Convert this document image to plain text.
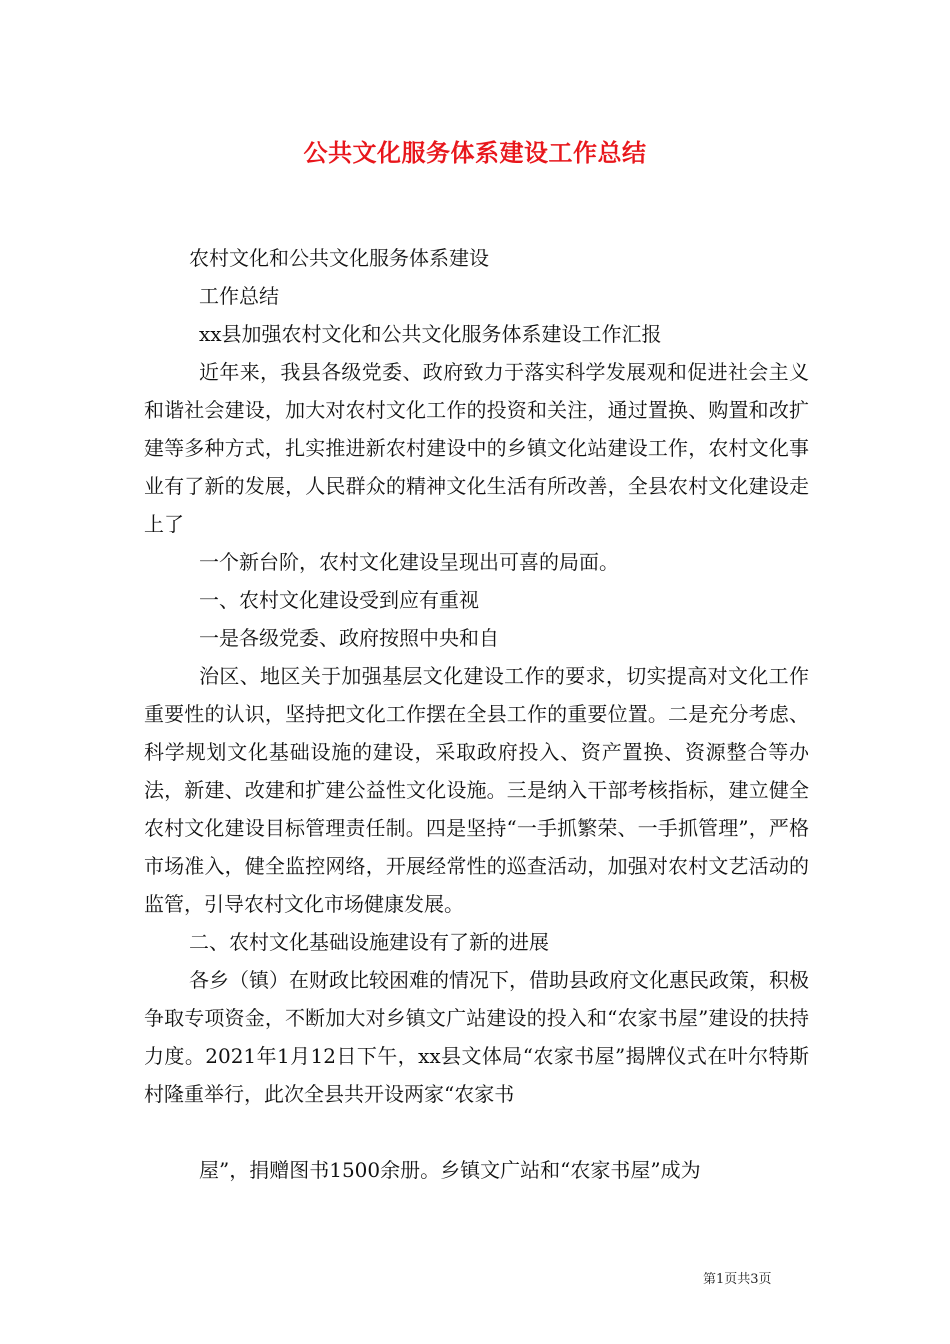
公共文化服务体系建设工作总结

农村文化和公共文化服务体系建设

工作总结

xx县加强农村文化和公共文化服务体系建设工作汇报

近年来，我县各级党委、政府致力于落实科学发展观和促进社会主义和谐社会建设，加大对农村文化工作的投资和关注，通过置换、购置和改扩建等多种方式，扎实推进新农村建设中的乡镇文化站建设工作，农村文化事业有了新的发展，人民群众的精神文化生活有所改善，全县农村文化建设走上了

一个新台阶，农村文化建设呈现出可喜的局面。

一、农村文化建设受到应有重视

一是各级党委、政府按照中央和自

治区、地区关于加强基层文化建设工作的要求，切实提高对文化工作重要性的认识，坚持把文化工作摆在全县工作的重要位置。二是充分考虑、科学规划文化基础设施的建设，采取政府投入、资产置换、资源整合等办法，新建、改建和扩建公益性文化设施。三是纳入干部考核指标，建立健全农村文化建设目标管理责任制。四是坚持“一手抓繁荣、一手抓管理”，严格市场准入，健全监控网络，开展经常性的巡查活动，加强对农村文艺活动的监管，引导农村文化市场健康发展。

二、农村文化基础设施建设有了新的进展

各乡（镇）在财政比较困难的情况下，借助县政府文化惠民政策，积极争取专项资金，不断加大对乡镇文广站建设的投入和“农家书屋”建设的扶持力度。2021年1月12日下午，xx县文体局“农家书屋”揭牌仪式在叶尔特斯村隆重举行，此次全县共开设两家“农家书

屋”，捐赠图书1500余册。乡镇文广站和“农家书屋”成为

第1页共3页
